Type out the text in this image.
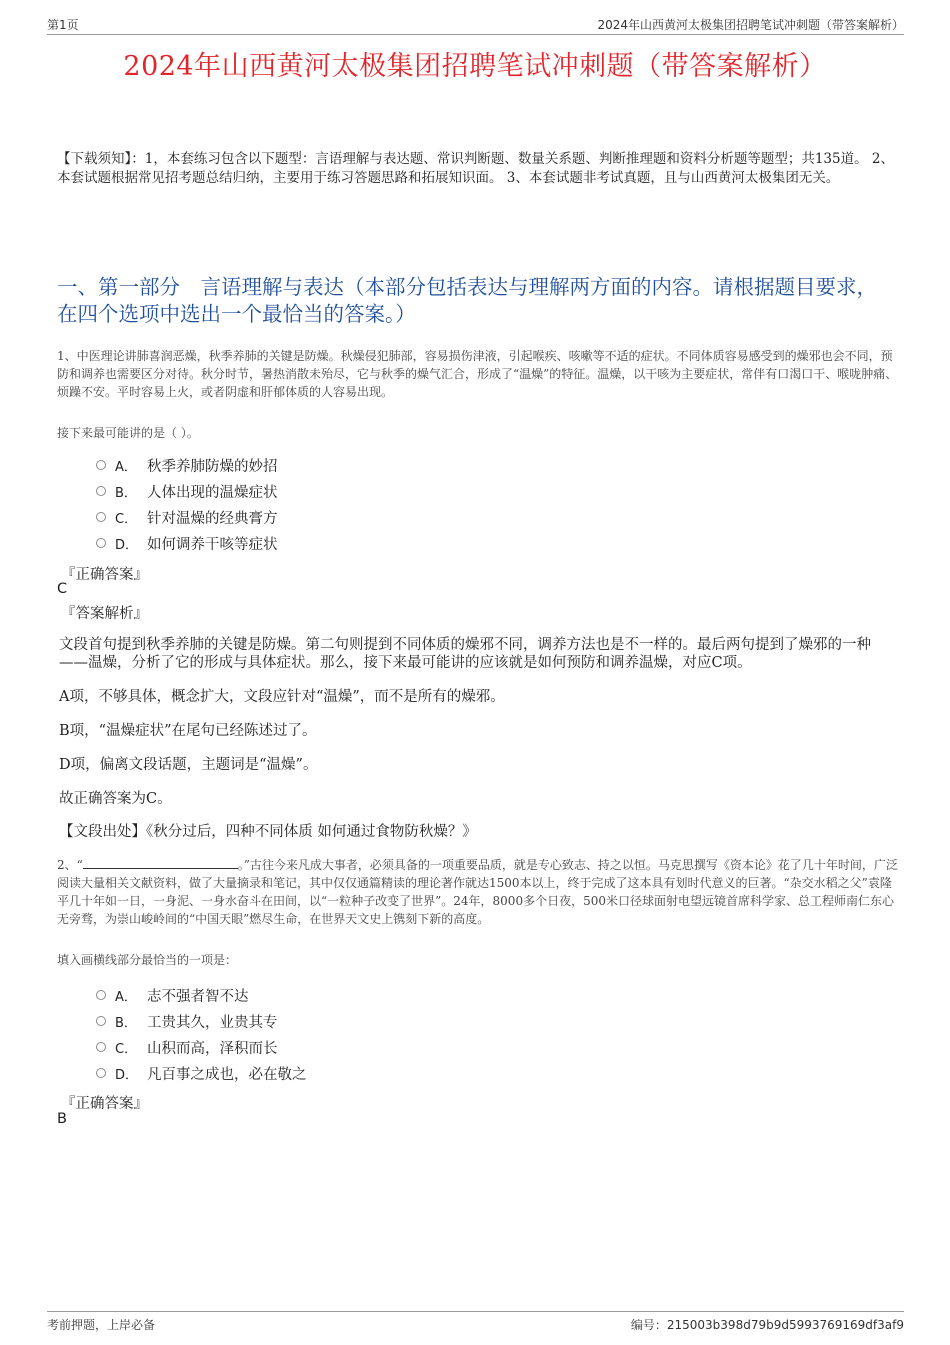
第1页	2024年山西黄河太极集团招聘笔试冲刺题（带答案解析）
2024年山西黄河太极集团招聘笔试冲刺题（带答案解析）
【下载须知】：1，本套练习包含以下题型：言语理解与表达题、常识判断题、数量关系题、判断推理题和资料分析题等题型；共135道。 2、本套试题根据常见招考题总结归纳，主要用于练习答题思路和拓展知识面。 3、本套试题非考试真题，且与山西黄河太极集团无关。
一、第一部分　言语理解与表达（本部分包括表达与理解两方面的内容。请根据题目要求，在四个选项中选出一个最恰当的答案。）
1、中医理论讲肺喜润恶燥，秋季养肺的关键是防燥。秋燥侵犯肺部，容易损伤津液，引起喉疾、咳嗽等不适的症状。不同体质容易感受到的燥邪也会不同，预防和调养也需要区分对待。秋分时节，暑热消散未殆尽，它与秋季的燥气汇合，形成了“温燥”的特征。温燥，以干咳为主要症状，常伴有口渴口干、喉咙肿痛、烦躁不安。平时容易上火，或者阴虚和肝郁体质的人容易出现。
接下来最可能讲的是（ ）。
A． 秋季养肺防燥的妙招
B． 人体出现的温燥症状
C． 针对温燥的经典膏方
D． 如何调养干咳等症状
『正确答案』
C
『答案解析』
文段首句提到秋季养肺的关键是防燥。第二句则提到不同体质的燥邪不同，调养方法也是不一样的。最后两句提到了燥邪的一种——温燥，分析了它的形成与具体症状。那么，接下来最可能讲的应该就是如何预防和调养温燥，对应C项。
A项，不够具体，概念扩大，文段应针对“温燥”，而不是所有的燥邪。
B项，“温燥症状”在尾句已经陈述过了。
D项，偏离文段话题，主题词是“温燥”。
故正确答案为C。
【文段出处】《秋分过后，四种不同体质 如何通过食物防秋燥？》
2、“	。”古往今来凡成大事者，必须具备的一项重要品质，就是专心致志、持之以恒。马克思撰写《资本论》花了几十年时间，广泛阅读大量相关文献资料，做了大量摘录和笔记，其中仅仅通篇精读的理论著作就达1500本以上，终于完成了这本具有划时代意义的巨著。“杂交水稻之父”袁隆平几十年如一日，一身泥、一身水奋斗在田间，以“一粒种子改变了世界”。24年，8000多个日夜，500米口径球面射电望远镜首席科学家、总工程师南仁东心无旁骛，为崇山峻岭间的“中国天眼”燃尽生命，在世界天文史上镌刻下新的高度。
填入画横线部分最恰当的一项是：
A． 志不强者智不达
B． 工贵其久，业贵其专
C． 山积而高，泽积而长
D． 凡百事之成也，必在敬之
『正确答案』
B
考前押题，上岸必备	编号：215003b398d79b9d5993769169df3af9
